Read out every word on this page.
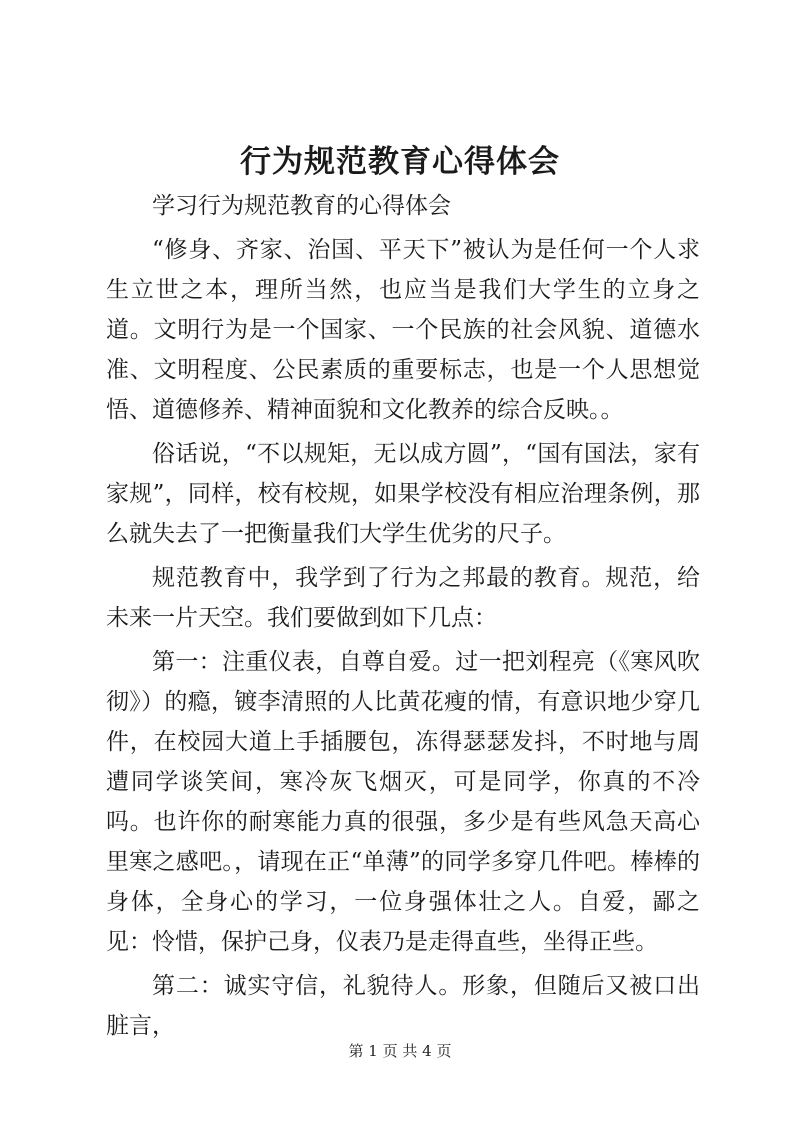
行为规范教育心得体会

学习行为规范教育的心得体会

“修身、齐家、治国、平天下”被认为是任何一个人求生立世之本，理所当然，也应当是我们大学生的立身之道。文明行为是一个国家、一个民族的社会风貌、道德水准、文明程度、公民素质的重要标志，也是一个人思想觉悟、道德修养、精神面貌和文化教养的综合反映。。

俗话说，“不以规矩，无以成方圆”，“国有国法，家有家规”，同样，校有校规，如果学校没有相应治理条例，那么就失去了一把衡量我们大学生优劣的尺子。

规范教育中，我学到了行为之邦最的教育。规范，给未来一片天空。我们要做到如下几点：

第一：注重仪表，自尊自爱。过一把刘程亮（《寒风吹彻》）的瘾，镀李清照的人比黄花瘦的情，有意识地少穿几件，在校园大道上手插腰包，冻得瑟瑟发抖，不时地与周遭同学谈笑间，寒冷灰飞烟灭，可是同学，你真的不冷吗。也许你的耐寒能力真的很强，多少是有些风急天高心里寒之感吧。，请现在正“单薄”的同学多穿几件吧。棒棒的身体，全身心的学习，一位身强体壮之人。自爱，鄙之见：怜惜，保护己身，仪表乃是走得直些，坐得正些。

第二：诚实守信，礼貌待人。形象，但随后又被口出脏言，

第 1 页 共 4 页
